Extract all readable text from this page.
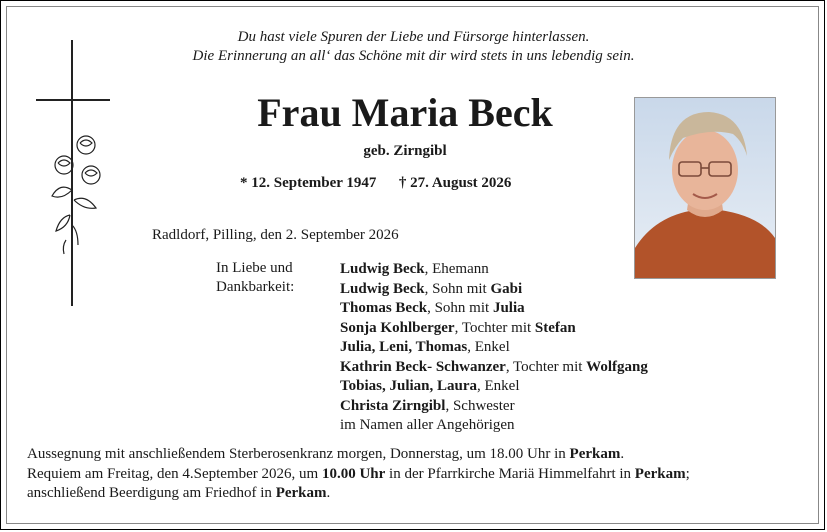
Du hast viele Spuren der Liebe und Fürsorge hinterlassen.
Die Erinnerung an all‘ das Schöne mit dir wird stets in uns lebendig sein.
Frau Maria Beck
geb. Zirngibl
* 12. September 1947 † 27. August 2026
Radldorf, Pilling, den 2. September 2026
In Liebe und
Dankbarkeit:
Ludwig Beck, Ehemann
Ludwig Beck, Sohn mit Gabi
Thomas Beck, Sohn mit Julia
Sonja Kohlberger, Tochter mit Stefan
Julia, Leni, Thomas, Enkel
Kathrin Beck- Schwanzer, Tochter mit Wolfgang
Tobias, Julian, Laura, Enkel
Christa Zirngibl, Schwester
im Namen aller Angehörigen
Aussegnung mit anschließendem Sterberosenkranz morgen, Donnerstag, um 18.00 Uhr in Perkam.
Requiem am Freitag, den 4.September 2026, um 10.00 Uhr in der Pfarrkirche Mariä Himmelfahrt in Perkam;
anschließend Beerdigung am Friedhof in Perkam.
